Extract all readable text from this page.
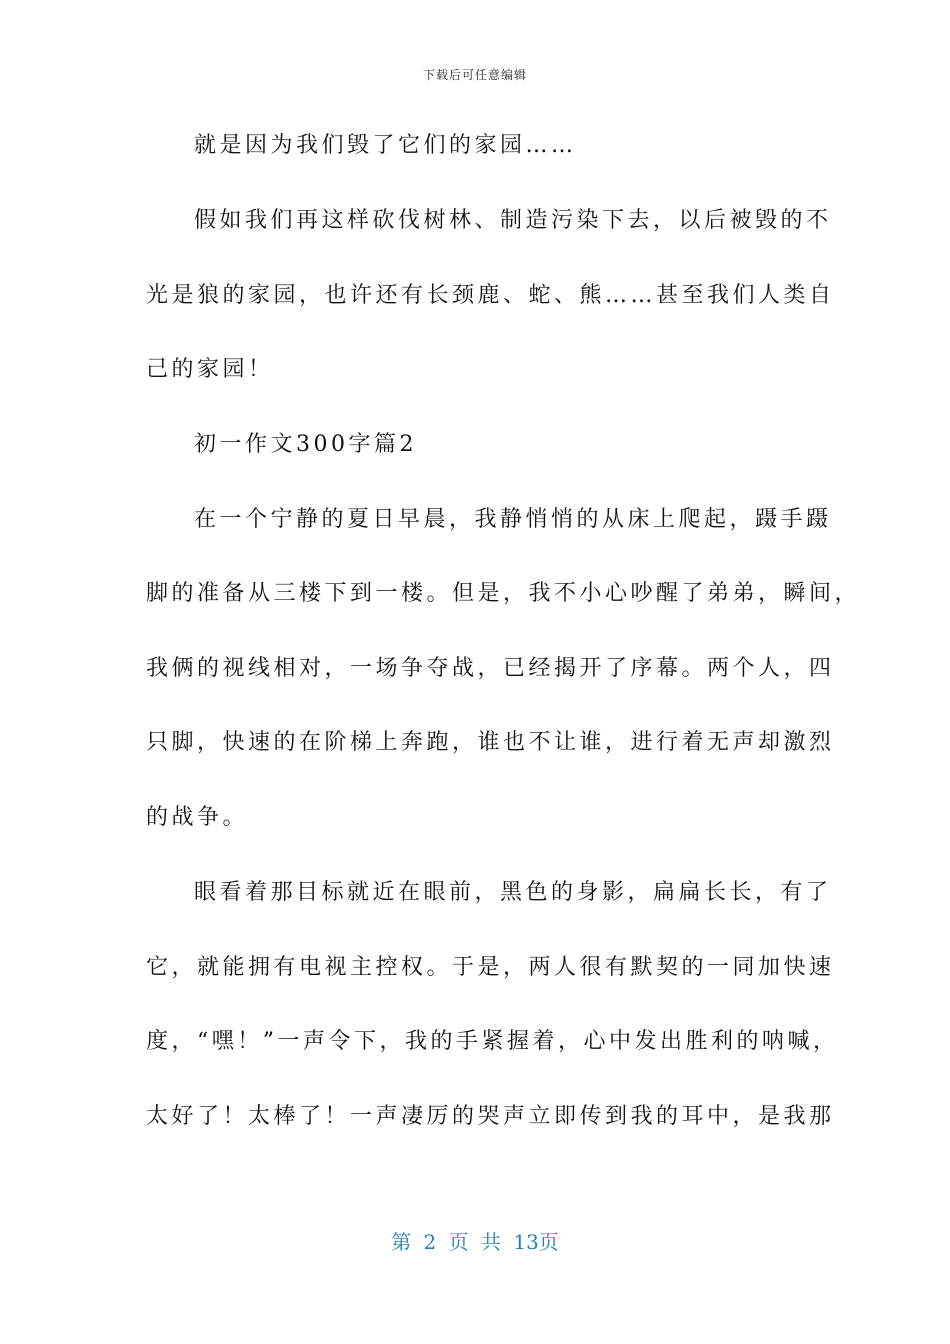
下载后可任意编辑
就是因为我们毁了它们的家园……
假如我们再这样砍伐树林、制造污染下去，以后被毁的不
光是狼的家园，也许还有长颈鹿、蛇、熊……甚至我们人类自
己的家园！
初一作文300字篇2
在一个宁静的夏日早晨，我静悄悄的从床上爬起，蹑手蹑
脚的准备从三楼下到一楼。但是，我不小心吵醒了弟弟，瞬间，
我俩的视线相对，一场争夺战，已经揭开了序幕。两个人，四
只脚，快速的在阶梯上奔跑，谁也不让谁，进行着无声却激烈
的战争。
眼看着那目标就近在眼前，黑色的身影，扁扁长长，有了
它，就能拥有电视主控权。于是，两人很有默契的一同加快速
度，“嘿！”一声令下，我的手紧握着，心中发出胜利的呐喊，
太好了！太棒了！一声凄厉的哭声立即传到我的耳中，是我那
第 2 页 共 13页
